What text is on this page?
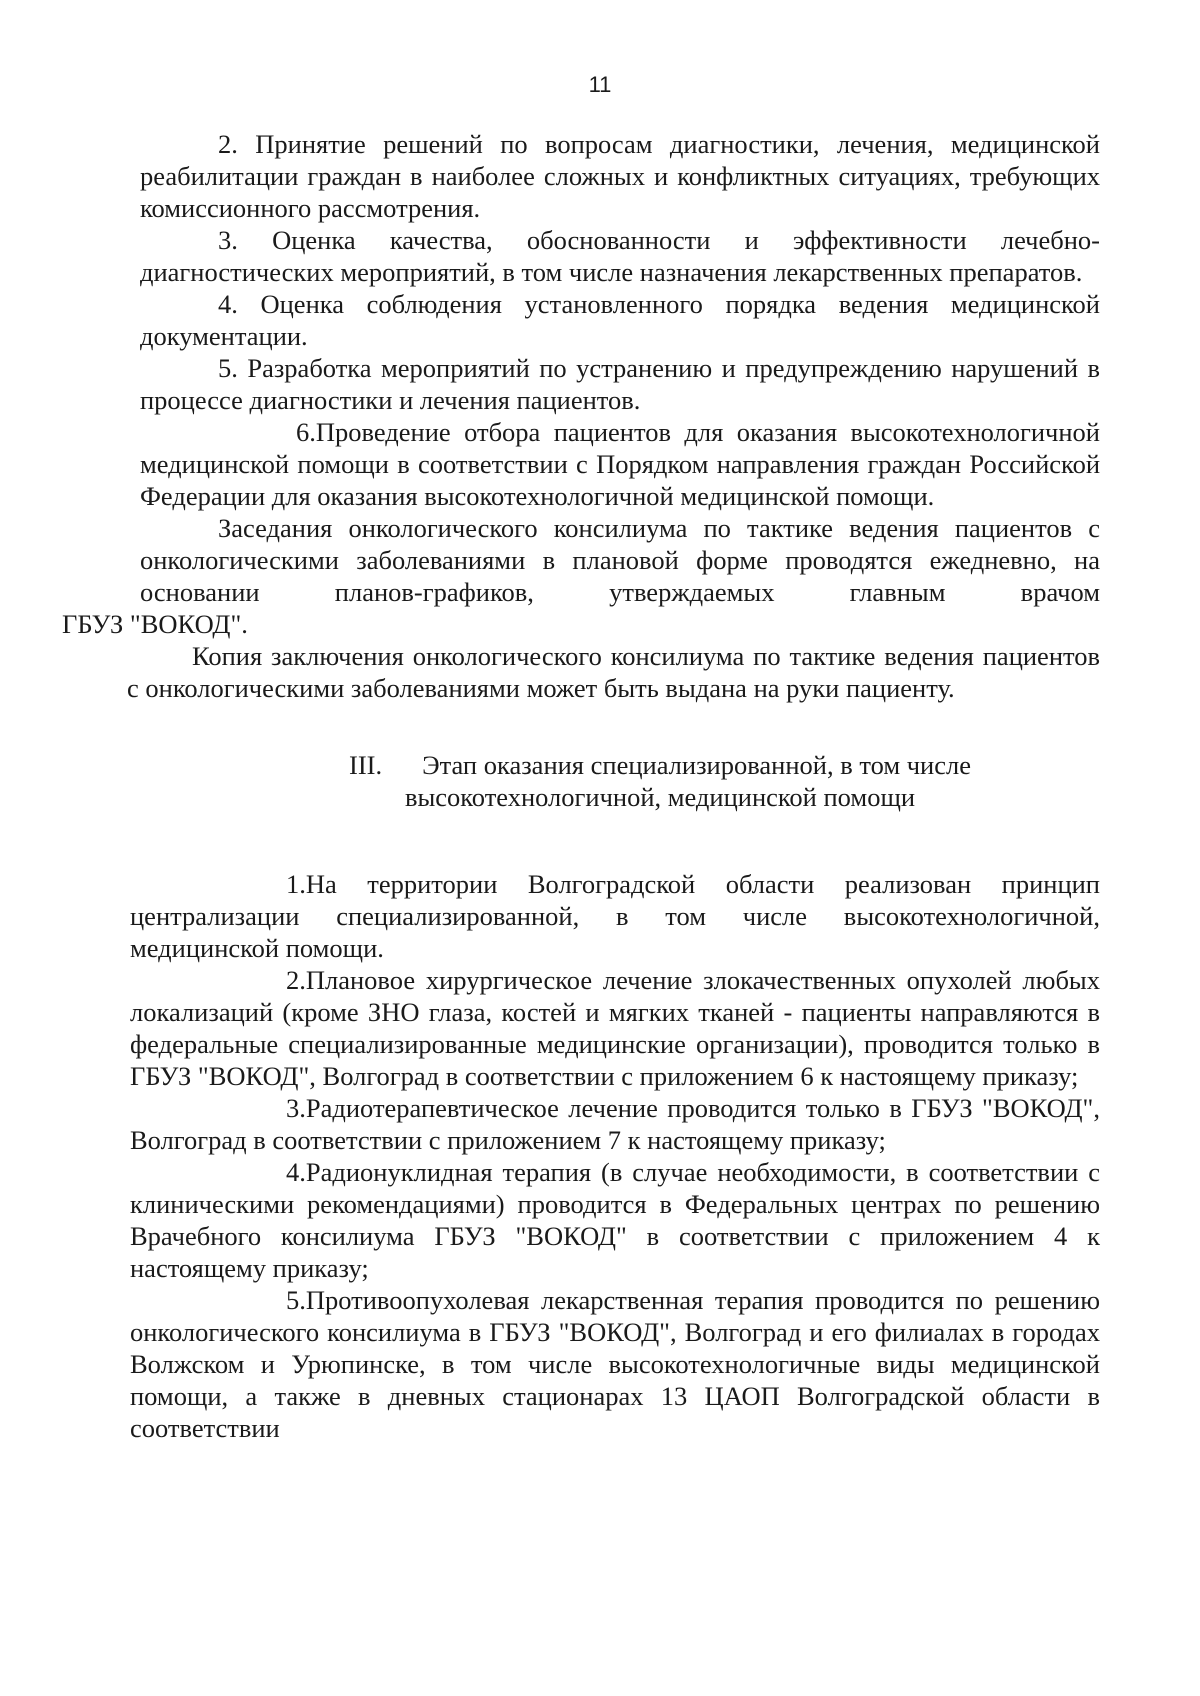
11

2. Принятие решений по вопросам диагностики, лечения, медицинской реабилитации граждан в наиболее сложных и конфликтных ситуациях, требующих комиссионного рассмотрения.

3. Оценка качества, обоснованности и эффективности лечебно-диагностических мероприятий, в том числе назначения лекарственных препаратов.

4. Оценка соблюдения установленного порядка ведения медицинской документации.

5. Разработка мероприятий по устранению и предупреждению нарушений в процессе диагностики и лечения пациентов.

6.Проведение отбора пациентов для оказания высокотехнологичной медицинской помощи в соответствии с Порядком направления граждан Российской Федерации для оказания высокотехнологичной медицинской помощи.

Заседания онкологического консилиума по тактике ведения пациентов с онкологическими заболеваниями в плановой форме проводятся ежедневно, на основании планов-графиков, утверждаемых главным врачом
ГБУЗ "ВОКОД".

Копия заключения онкологического консилиума по тактике ведения пациентов с онкологическими заболеваниями может быть выдана на руки пациенту.

III. Этап оказания специализированной, в том числе
высокотехнологичной, медицинской помощи

1.На территории Волгоградской области реализован принцип централизации специализированной, в том числе высокотехнологичной, медицинской помощи.

2.Плановое хирургическое лечение злокачественных опухолей любых локализаций (кроме ЗНО глаза, костей и мягких тканей - пациенты направляются в федеральные специализированные медицинские организации), проводится только в ГБУЗ "ВОКОД", Волгоград в соответствии с приложением 6 к настоящему приказу;

3.Радиотерапевтическое лечение проводится только в ГБУЗ "ВОКОД", Волгоград в соответствии с приложением 7 к настоящему приказу;

4.Радионуклидная терапия (в случае необходимости, в соответствии с клиническими рекомендациями) проводится в Федеральных центрах по решению Врачебного консилиума ГБУЗ "ВОКОД" в соответствии с приложением 4 к настоящему приказу;

5.Противоопухолевая лекарственная терапия проводится по решению онкологического консилиума в ГБУЗ "ВОКОД", Волгоград и его филиалах в городах Волжском и Урюпинске, в том числе высокотехнологичные виды медицинской помощи, а также в дневных стационарах 13 ЦАОП Волгоградской области в соответствии
